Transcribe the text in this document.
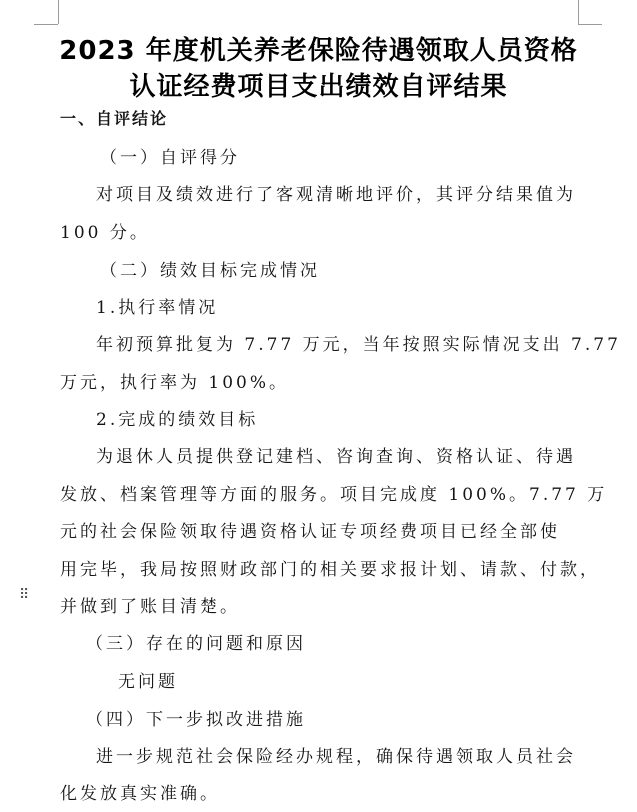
⠿
2023 年度机关养老保险待遇领取人员资格
认证经费项目支出绩效自评结果
一、自评结论
（一）自评得分
对项目及绩效进行了客观清晰地评价，其评分结果值为
100 分。
（二）绩效目标完成情况
1.执行率情况
年初预算批复为 7.77 万元，当年按照实际情况支出 7.77
万元，执行率为 100%。
2.完成的绩效目标
为退休人员提供登记建档、咨询查询、资格认证、待遇
发放、档案管理等方面的服务。项目完成度 100%。7.77 万
元的社会保险领取待遇资格认证专项经费项目已经全部使
用完毕，我局按照财政部门的相关要求报计划、请款、付款，
并做到了账目清楚。
（三）存在的问题和原因
无问题
（四）下一步拟改进措施
进一步规范社会保险经办规程，确保待遇领取人员社会
化发放真实准确。
